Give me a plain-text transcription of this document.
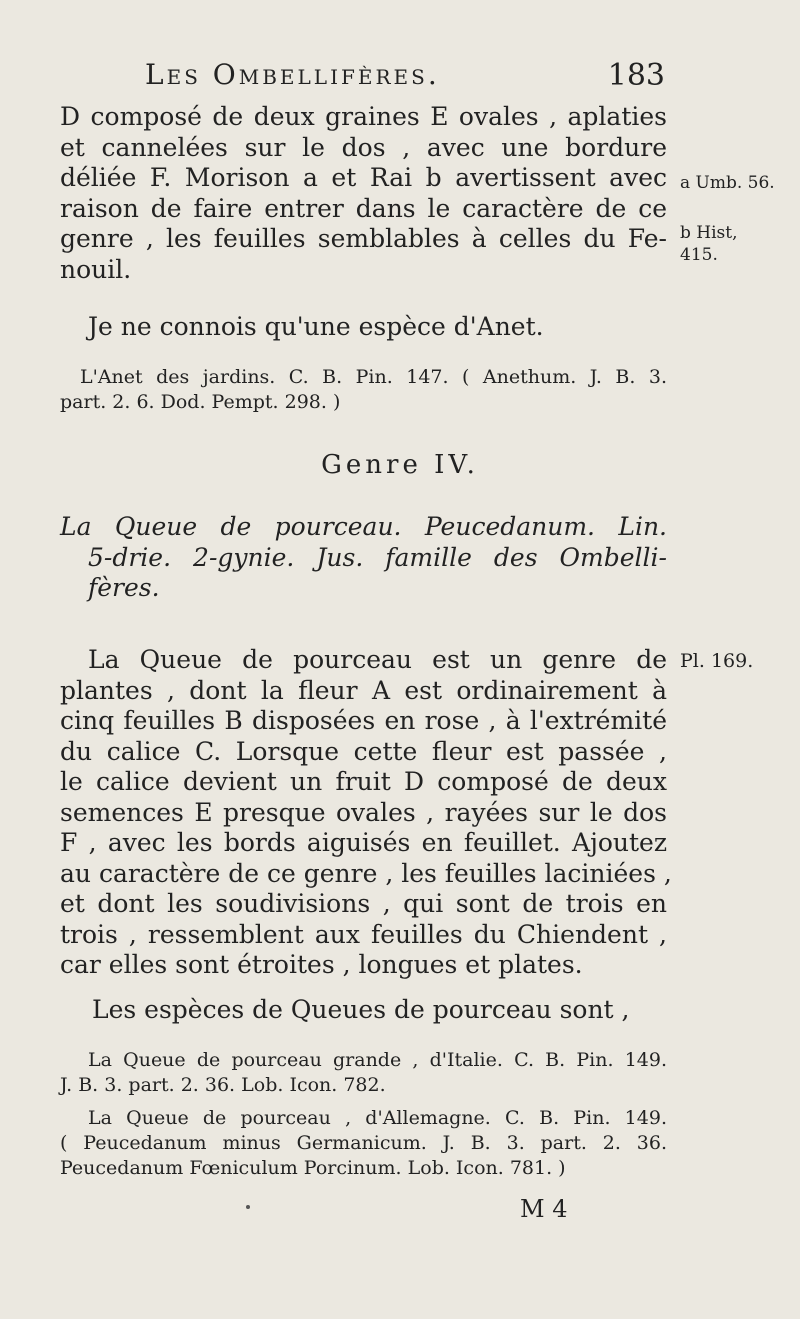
Les Ombellifères.	183
D composé de deux graines E ovales , aplaties
et cannelées sur le dos , avec une bordure
déliée F. Morison a et Rai b avertissent avec
raison de faire entrer dans le caractère de ce
genre , les feuilles semblables à celles du Fe-
nouil.
a Umb. 56.
b Hist, 415.
Je ne connois qu'une espèce d'Anet.
L'Anet des jardins. C. B. Pin. 147. ( Anethum. J. B. 3.
part. 2. 6. Dod. Pempt. 298. )
Genre IV.
La Queue de pourceau. Peucedanum. Lin.
5-drie. 2-gynie. Jus. famille des Ombelli-
fères.
La Queue de pourceau est un genre de
plantes , dont la fleur A est ordinairement à
cinq feuilles B disposées en rose , à l'extrémité
du calice C. Lorsque cette fleur est passée ,
le calice devient un fruit D composé de deux
semences E presque ovales , rayées sur le dos
F , avec les bords aiguisés en feuillet. Ajoutez
au caractère de ce genre , les feuilles laciniées ,
et dont les soudivisions , qui sont de trois en
trois , ressemblent aux feuilles du Chiendent ,
car elles sont étroites , longues et plates.
Pl. 169.
Les espèces de Queues de pourceau sont ,
La Queue de pourceau grande , d'Italie. C. B. Pin. 149.
J. B. 3. part. 2. 36. Lob. Icon. 782.
La Queue de pourceau , d'Allemagne. C. B. Pin. 149.
( Peucedanum minus Germanicum. J. B. 3. part. 2. 36.
Peucedanum Fœniculum Porcinum. Lob. Icon. 781. )
M 4
